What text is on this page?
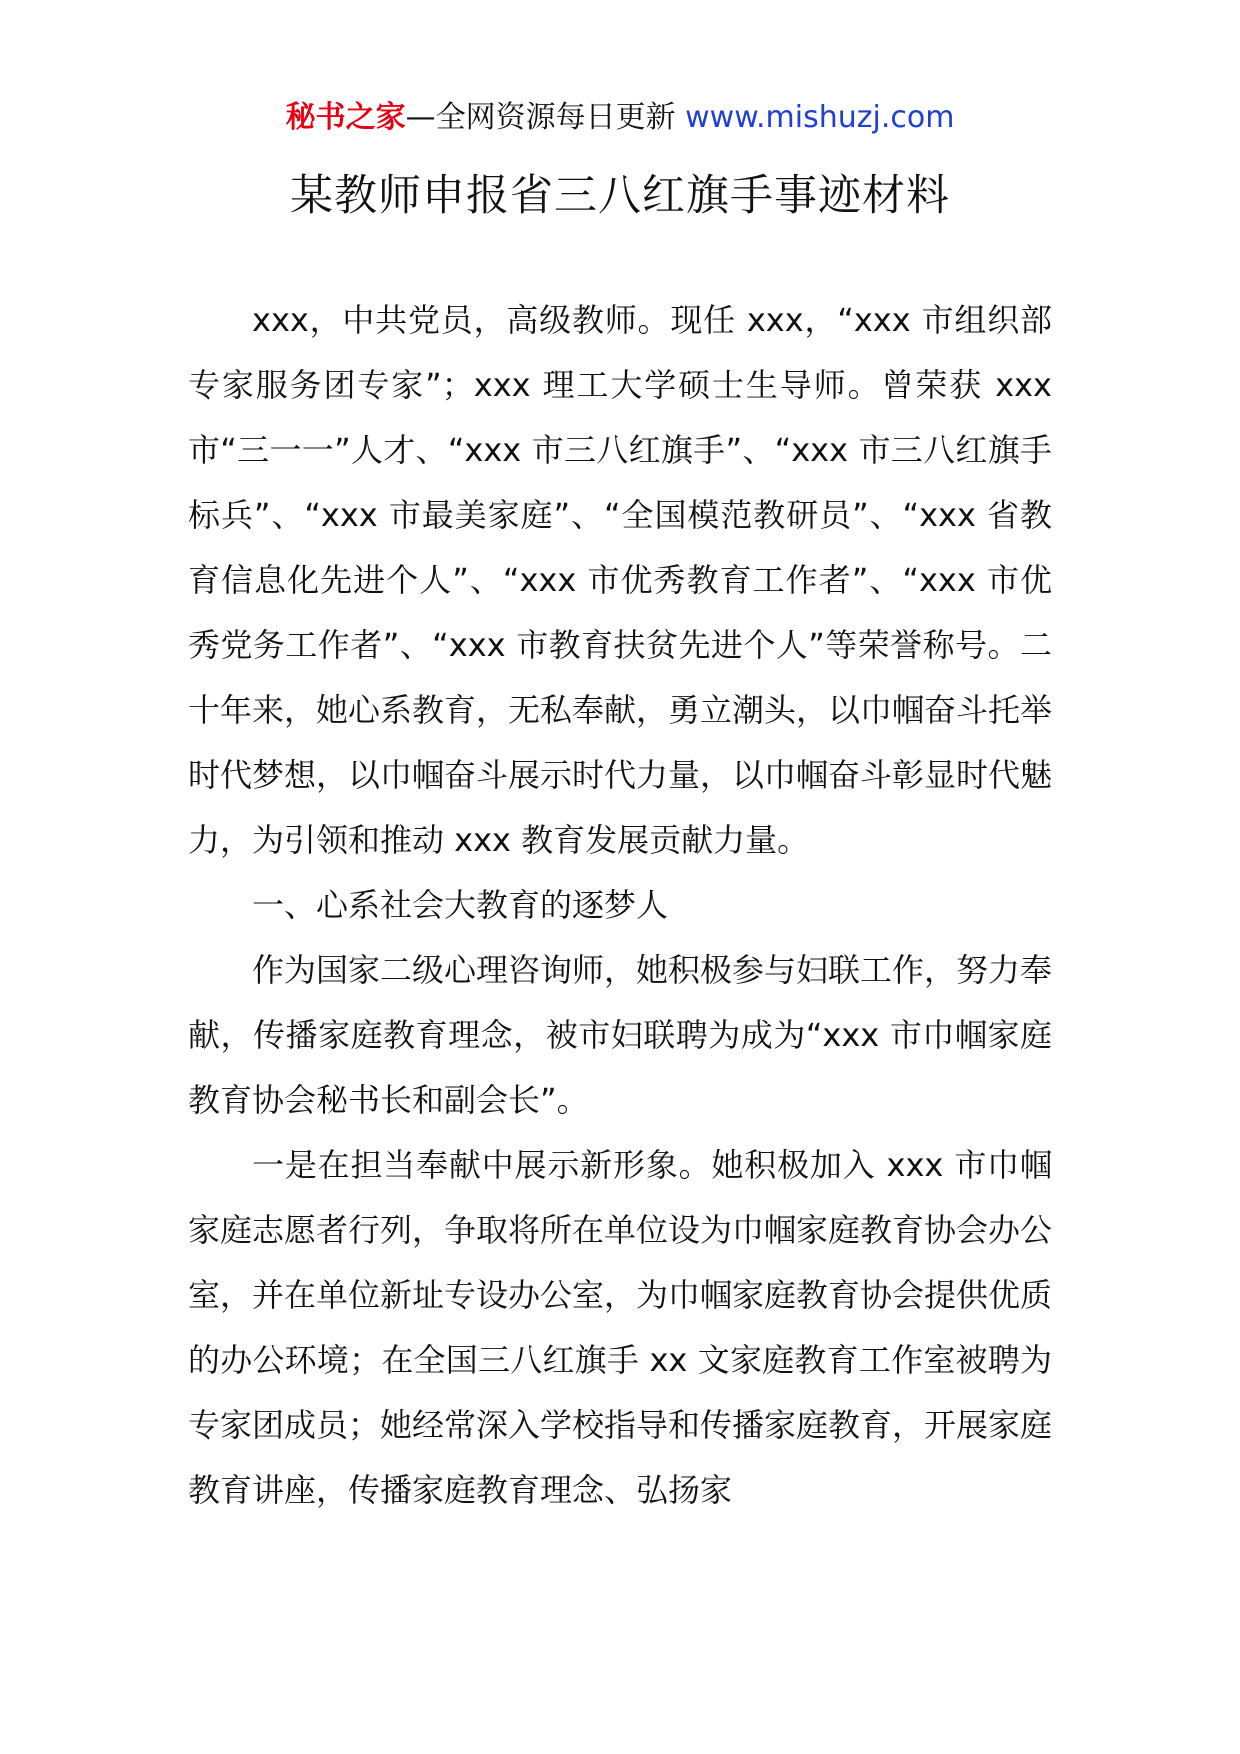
秘书之家—全网资源每日更新 www.mishuzj.com
某教师申报省三八红旗手事迹材料

xxx，中共党员，高级教师。现任 xxx，“xxx 市组织部专家服务团专家”；xxx 理工大学硕士生导师。曾荣获 xxx 市“三一一”人才、“xxx 市三八红旗手”、“xxx 市三八红旗手标兵”、“xxx 市最美家庭”、“全国模范教研员”、“xxx 省教育信息化先进个人”、“xxx 市优秀教育工作者”、“xxx 市优秀党务工作者”、“xxx 市教育扶贫先进个人”等荣誉称号。二十年来，她心系教育，无私奉献，勇立潮头，以巾帼奋斗托举时代梦想，以巾帼奋斗展示时代力量，以巾帼奋斗彰显时代魅力，为引领和推动 xxx 教育发展贡献力量。

一、心系社会大教育的逐梦人

作为国家二级心理咨询师，她积极参与妇联工作，努力奉献，传播家庭教育理念，被市妇联聘为成为“xxx 市巾帼家庭教育协会秘书长和副会长”。

一是在担当奉献中展示新形象。她积极加入 xxx 市巾帼家庭志愿者行列，争取将所在单位设为巾帼家庭教育协会办公室，并在单位新址专设办公室，为巾帼家庭教育协会提供优质的办公环境；在全国三八红旗手 xx 文家庭教育工作室被聘为专家团成员；她经常深入学校指导和传播家庭教育，开展家庭教育讲座，传播家庭教育理念、弘扬家
